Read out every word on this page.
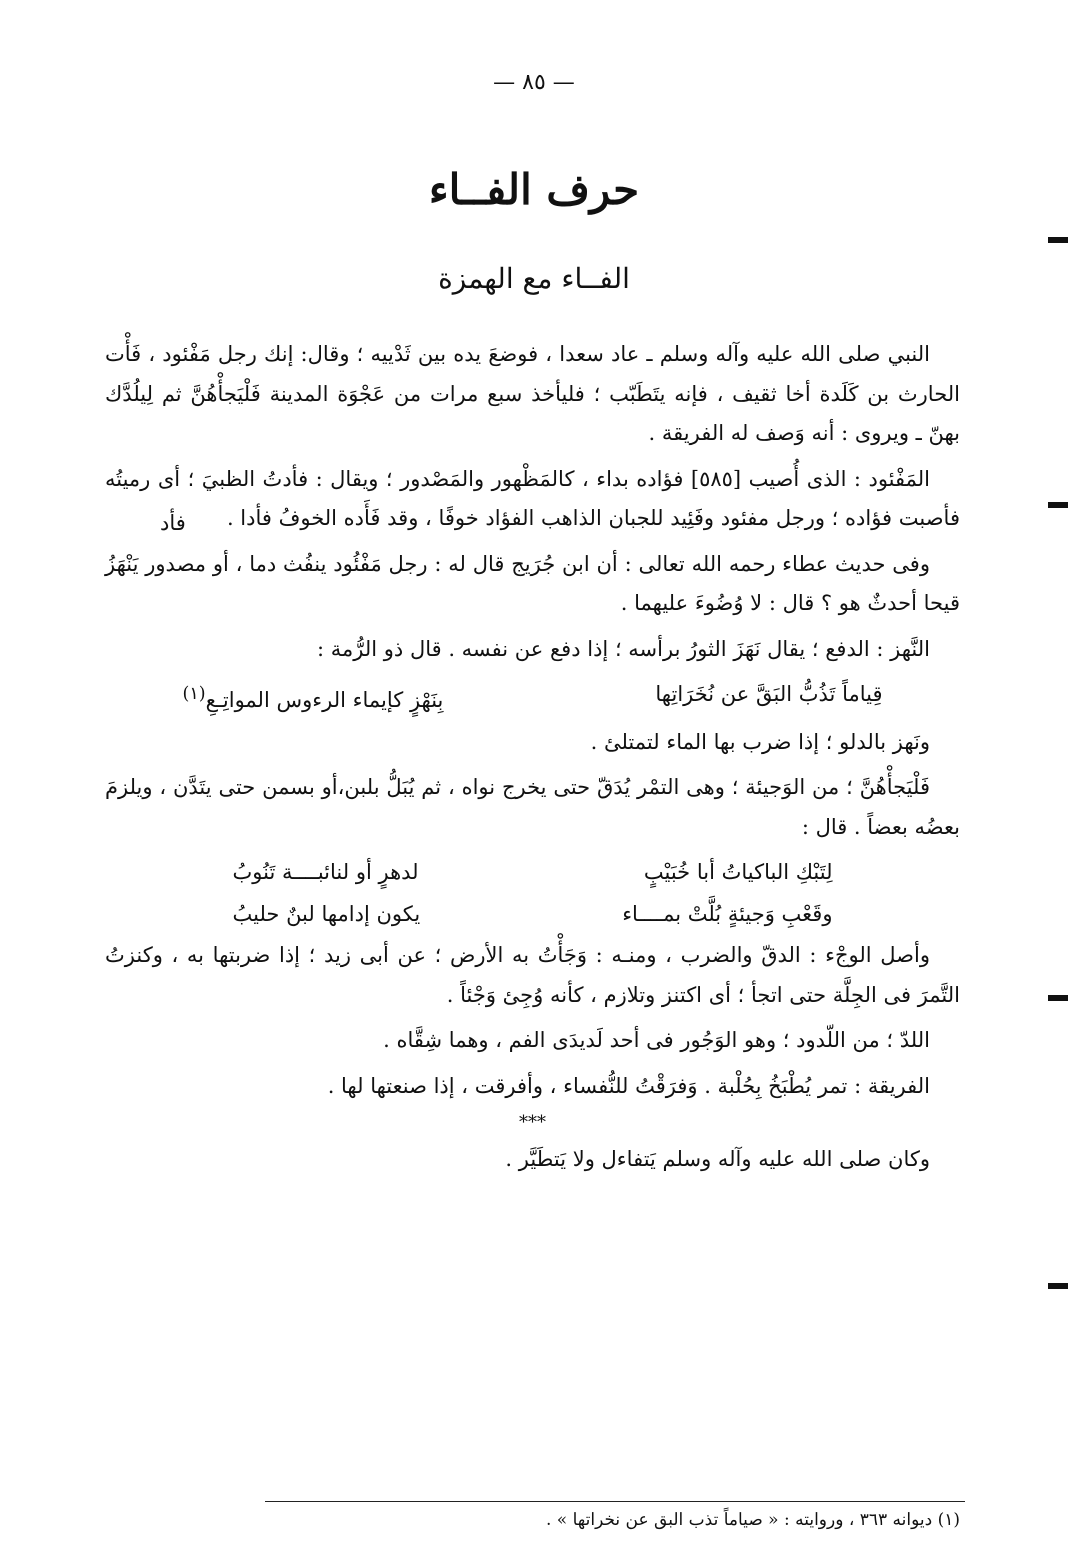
— ٨٥ —
حرف الفــاء
الفــاء مع الهمزة
فأد

النبي صلى الله عليه وآله وسلم ـ عاد سعدا ، فوضعَ يده بين ثَدْييه ؛ وقال: إنك رجل مَفْئود ، فَأْت الحارث بن كَلَدة أخا ثقيف ، فإنه يتَطَبّب ؛ فليأخذ سبع مرات من عَجْوَة المدينة فَلْيَجأْهُنَّ ثم لِيلُدَّك بهنّ ـ ويروى : أنه وَصف له الفريقة .

المَفْئود : الذى أُصيب [٥٨٥] فؤاده بداء ، كالمَظْهور والمَصْدور ؛ ويقال : فأدتُ الظبيَ ؛ أى رميتُه فأصبت فؤاده ؛ ورجل مفئود وفَئِيد للجبان الذاهب الفؤاد خوفًا ، وقد فَأَده الخوفُ فأدا .

وفى حديث عطاء رحمه الله تعالى : أن ابن جُرَيج قال له : رجل مَفْئُود ينفُث دما ، أو مصدور يَنْهَزُ قيحا أحدثٌ هو ؟ قال : لا وُضُوءَ عليهما .

النَّهز : الدفع ؛ يقال نَهَزَ الثورُ برأسه ؛ إذا دفع عن نفسه . قال ذو الرُّمة :

قِياماً تَذُبُّ البَقَّ عن نُخَرَاتِها
بِنَهْزٍ كإيماء الرءوس المواتِـعِ$^{(١)}$

ونَهز بالدلو ؛ إذا ضرب بها الماء لتمتلئ .

فَلْيَجأْهُنَّ ؛ من الوَجيئة ؛ وهى التمْر يُدَقّ حتى يخرج نواه ، ثم يُبَلُّ بلبن،أو بسمن حتى يتَدَّن ، ويلزمَ بعضُه بعضاً . قال :

لِتَبْكِ الباكياتُ أبا خُبَيْبٍ
لدهرٍ أو لنائبــــة تَنُوبُ
وقَعْبِ وَجيئةٍ بُلَّتْ بمــــاء
يكون إدامها لبنٌ حليبُ

وأصل الوجْء : الدقّ والضرب ، ومنـه : وَجَأْتُ به الأرض ؛ عن أبى زيد ؛ إذا ضربتها به ، وكنزتُ التَّمرَ فى الجِلَّة حتى اتجأ ؛ أى اكتنز وتلازم ، كأنه وُجِئ وَجْئاً .

اللدّ ؛ من اللّدود ؛ وهو الوَجُور فى أحد لَديدَى الفم ، وهما شِقَّاه .

الفريقة : تمر يُطْبَخُ بِحُلْبة . وَفرَقْتُ للنُّفساء ، وأفرقت ، إذا صنعتها لها .

***

وكان صلى الله عليه وآله وسلم يَتفاءل ولا يَتطَيَّر .

(١) ديوانه ٣٦٣ ، وروايته : « صياماً تذب البق عن نخراتها » .
